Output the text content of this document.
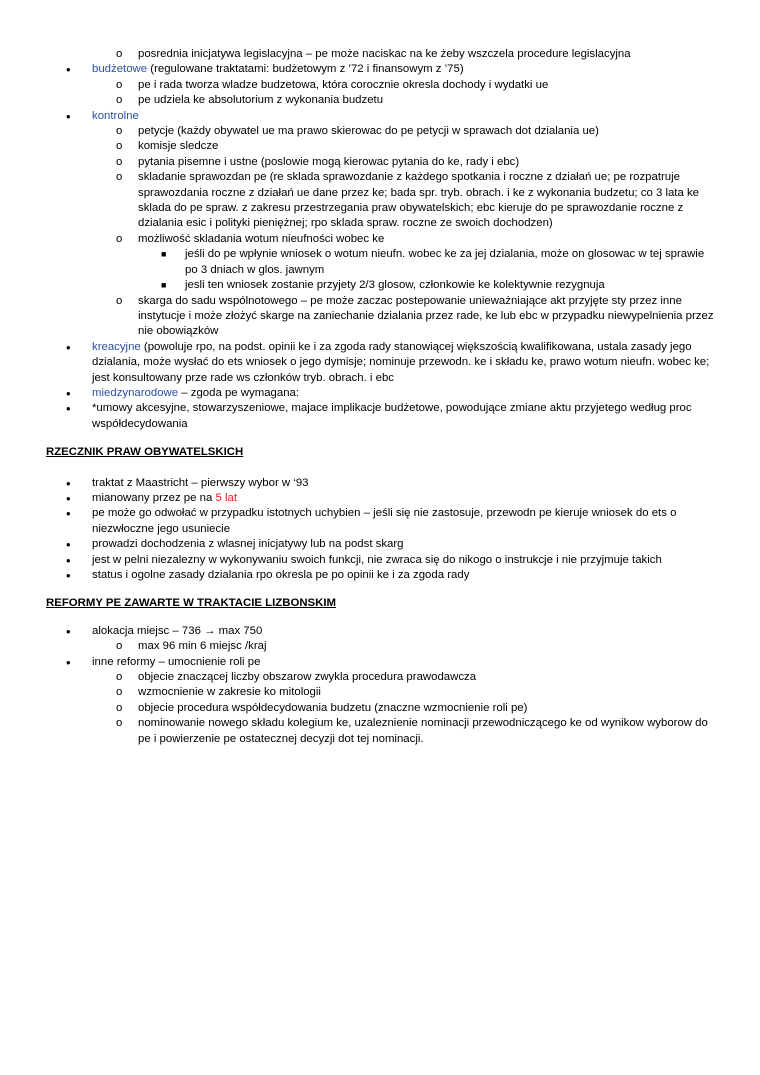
o posrednia inicjatywa legislacyjna – pe może naciskac na ke żeby wszczela procedure legislacyjna
• budżetowe (regulowane traktatami: budżetowym z ’72 i finansowym z ’75)
o pe i rada tworza wladze budzetowa, która corocznie okresla dochody i wydatki ue
o pe udziela ke absolutorium z wykonania budzetu
• kontrolne
o petycje (każdy obywatel ue ma prawo skierowac do pe petycji w sprawach dot dzialania ue)
o komisje sledcze
o pytania pisemne i ustne (poslowie mogą kierowac pytania do ke, rady i ebc)
o skladanie sprawozdan pe (re sklada sprawozdanie z każdego spotkania i roczne z działań ue; pe rozpatruje sprawozdania roczne z działań ue dane przez ke; bada spr. tryb. obrach. i ke z wykonania budzetu; co 3 lata ke sklada do pe spraw. z zakresu przestrzegania praw obywatelskich; ebc kieruje do pe sprawozdanie roczne z dzialania esic i polityki pieniężnej; rpo sklada spraw. roczne ze swoich dochodzen)
o możliwość skladania wotum nieufności wobec ke
■ jeśli do pe wpłynie wniosek o wotum nieufn. wobec ke za jej dzialania, może on glosowac w tej sprawie po 3 dniach w glos. jawnym
■ jesli ten wniosek zostanie przyjety 2/3 glosow, członkowie ke kolektywnie rezygnuja
o skarga do sadu wspólnotowego – pe może zaczac postepowanie unieważniające akt przyjęte sty przez inne instytucje i może złożyć skarge na zaniechanie dzialania przez rade, ke lub ebc w przypadku niewypelnienia przez nie obowiązków
• kreacyjne (powoluje rpo, na podst. opinii ke i za zgoda rady stanowiącej większością kwalifikowana, ustala zasady jego dzialania, może wysłać do ets wniosek o jego dymisje; nominuje przewodn. ke i składu ke, prawo wotum nieufn. wobec ke; jest konsultowany prze rade ws członków tryb. obrach. i ebc
• miedzynarodowe – zgoda pe wymagana:
• *umowy akcesyjne, stowarzyszeniowe, majace implikacje budżetowe, powodujące zmiane aktu przyjetego według proc współdecydowania
RZECZNIK PRAW OBYWATELSKICH
• traktat z Maastricht – pierwszy wybor w ‘93
• mianowany przez pe na 5 lat
• pe może go odwołać w przypadku istotnych uchybien – jeśli się nie zastosuje, przewodn pe kieruje wniosek do ets o niezwłoczne jego usuniecie
• prowadzi dochodzenia z wlasnej inicjatywy lub na podst skarg
• jest w pelni niezalezny w wykonywaniu swoich funkcji, nie zwraca się do nikogo o instrukcje i nie przyjmuje takich
• status i ogolne zasady dzialania rpo okresla pe po opinii ke i za zgoda rady
REFORMY PE ZAWARTE W TRAKTACIE LIZBONSKIM
• alokacja miejsc – 736 → max 750
o max 96 min 6 miejsc /kraj
• inne reformy – umocnienie roli pe
o objecie znaczącej liczby obszarow zwykla procedura prawodawcza
o wzmocnienie w zakresie ko mitologii
o objecie procedura współdecydowania budzetu (znaczne wzmocnienie roli pe)
o nominowanie nowego składu kolegium ke, uzaleznienie nominacji przewodniczącego ke od wynikow wyborow do pe i powierzenie pe ostatecznej decyzji dot tej nominacji.
